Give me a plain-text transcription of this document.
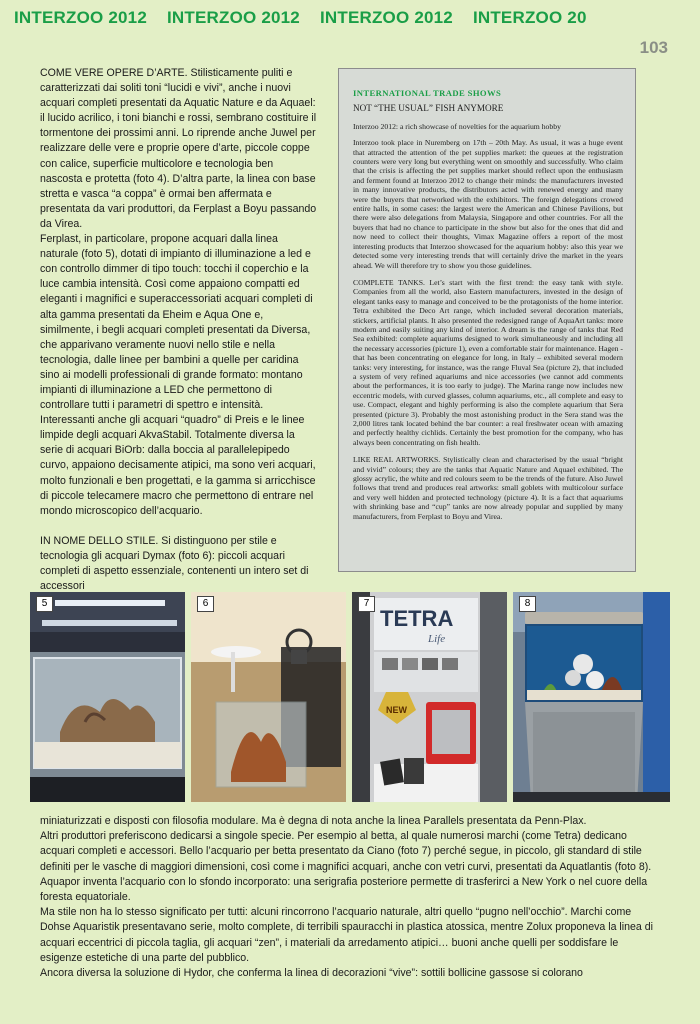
INTERZOO 2012 INTERZOO 2012 INTERZOO 2012 INTERZOO 20
103

COME VERE OPERE D’ARTE. Stilisticamente puliti e caratterizzati dai soliti toni “lucidi e vivi”, anche i nuovi acquari completi presentati da Aquatic Nature e da Aquael: il lucido acrilico, i toni bianchi e rossi, sembrano costituire il tormentone dei prossimi anni. Lo riprende anche Juwel per realizzare delle vere e proprie opere d’arte, piccole coppe con calice, superficie multicolore e tecnologia ben nascosta e protetta (foto 4). D’altra parte, la linea con base stretta e vasca “a coppa” è ormai ben affermata e presentata da vari produttori, da Ferplast a Boyu passando da Virea.

Ferplast, in particolare, propone acquari dalla linea naturale (foto 5), dotati di impianto di illuminazione a led e con controllo dimmer di tipo touch: tocchi il coperchio e la luce cambia intensità. Così come appaiono compatti ed eleganti i magnifici e superaccessoriati acquari completi di alta gamma presentati da Eheim e Aqua One e, similmente, i begli acquari completi presentati da Diversa, che apparivano veramente nuovi nello stile e nella tecnologia, dalle linee per bambini a quelle per caridina sino ai modelli professionali di grande formato: montano impianti di illuminazione a LED che permettono di controllare tutti i parametri di spettro e intensità.

Interessanti anche gli acquari “quadro” di Preis e le linee limpide degli acquari AkvaStabil. Totalmente diversa la serie di acquari BiOrb: dalla boccia al parallelepipedo curvo, appaiono decisamente atipici, ma sono veri acquari, molto funzionali e ben progettati, e la gamma si arricchisce di piccole telecamere macro che permettono di entrare nel mondo microscopico dell’acquario.

IN NOME DELLO STILE. Si distinguono per stile e tecnologia gli acquari Dymax (foto 6): piccoli acquari completi di aspetto essenziale, contenenti un intero set di accessori

INTERNATIONAL TRADE SHOWS
NOT “THE USUAL” FISH ANYMORE
Interzoo 2012: a rich showcase of novelties for the aquarium hobby

Interzoo took place in Nuremberg on 17th – 20th May. As usual, it was a huge event that attracted the attention of the pet supplies market: the queues at the registration counters were very long but everything went on smoothly and successfully. Who claim that the crisis is affecting the pet supplies market should reflect upon the enthusiasm and ferment found at Interzoo 2012 to change their minds: the manufacturers invested in many innovative products, the distributors acted with renewed energy and many were the buyers that networked with the exhibitors. The foreign delegations crowed entire halls, in some cases: the largest were the American and Chinese Pavilions, but there were also delegations from Malaysia, Singapore and other countries. For all the buyers that had no chance to participate in the show but also for the ones that did and now need to collect their thoughts, Vimax Magazine offers a report of the most interesting products that Interzoo showcased for the aquarium hobby: also this year we detected some very interesting trends that will certainly drive the market in the years ahead. We will therefore try to show you those guidelines.

COMPLETE TANKS. Let’s start with the first trend: the easy tank with style. Companies from all the world, also Eastern manufacturers, invested in the design of elegant tanks easy to manage and conceived to be the protagonists of the home interior. Tetra exhibited the Deco Art range, which included several decoration materials, stickers, artificial plants. It also presented the redesigned range of AquaArt tanks: more modern and easily suiting any kind of interior. A dream is the range of tanks that Red Sea exhibited: complete aquariums designed to work simultaneously and including all the necessary accessories (picture 1), even a comfortable stair for maintenance. Hagen - that has been concentrating on elegance for long, in Italy – exhibited several modern tanks: very interesting, for instance, was the range Fluval Sea (picture 2), that included a system of very refined aquariums and nice accessories (we cannot add comments about the performances, it is too early to judge). The Marina range now includes new eccentric models, with curved glasses, column aquariums, etc., all complete and easy to use. Compact, elegant and highly performing is also the complete aquarium that Sera presented (picture 3). Probably the most astonishing product in the Sera stand was the 2,000 litres tank located behind the bar counter: a real freshwater ocean with amazing and perfectly healthy cichlids. Certainly the best promotion for the company, who has always been concentrating on fish health.

LIKE REAL ARTWORKS. Stylistically clean and characterised by the usual “bright and vivid” colours; they are the tanks that Aquatic Nature and Aquael exhibited. The glossy acrylic, the white and red colours seem to be the trends of the future. Also Juwel follows that trend and produces real artworks: small goblets with multicolour surface and very well hidden and protected technology (picture 4). It is a fact that aquariums with shrinking base and “cup” tanks are now already popular and supplied by many manufacturers, from Ferplast to Boyu and Virea.

5	6
TETRA
Life
NEW
7	8

miniaturizzati e disposti con filosofia modulare. Ma è degna di nota anche la linea Parallels presentata da Penn-Plax.

Altri produttori preferiscono dedicarsi a singole specie. Per esempio al betta, al quale numerosi marchi (come Tetra) dedicano acquari completi e accessori. Bello l’acquario per betta presentato da Ciano (foto 7) perché segue, in piccolo, gli standard di stile definiti per le vasche di maggiori dimensioni, così come i magnifici acquari, anche con vetri curvi, presentati da Aquatlantis (foto 8).

Aquapor inventa l’acquario con lo sfondo incorporato: una serigrafia posteriore permette di trasferirci a New York o nel cuore della foresta equatoriale.

Ma stile non ha lo stesso significato per tutti: alcuni rincorrono l’acquario naturale, altri quello “pugno nell’occhio”. Marchi come Dohse Aquaristik presentavano serie, molto complete, di terribili spauracchi in plastica atossica, mentre Zolux proponeva la linea di acquari eccentrici di piccola taglia, gli acquari “zen”, i materiali da arredamento atipici… buoni anche quelli per soddisfare le esigenze estetiche di una parte del pubblico.

Ancora diversa la soluzione di Hydor, che conferma la linea di decorazioni “vive”: sottili bollicine gassose si colorano
